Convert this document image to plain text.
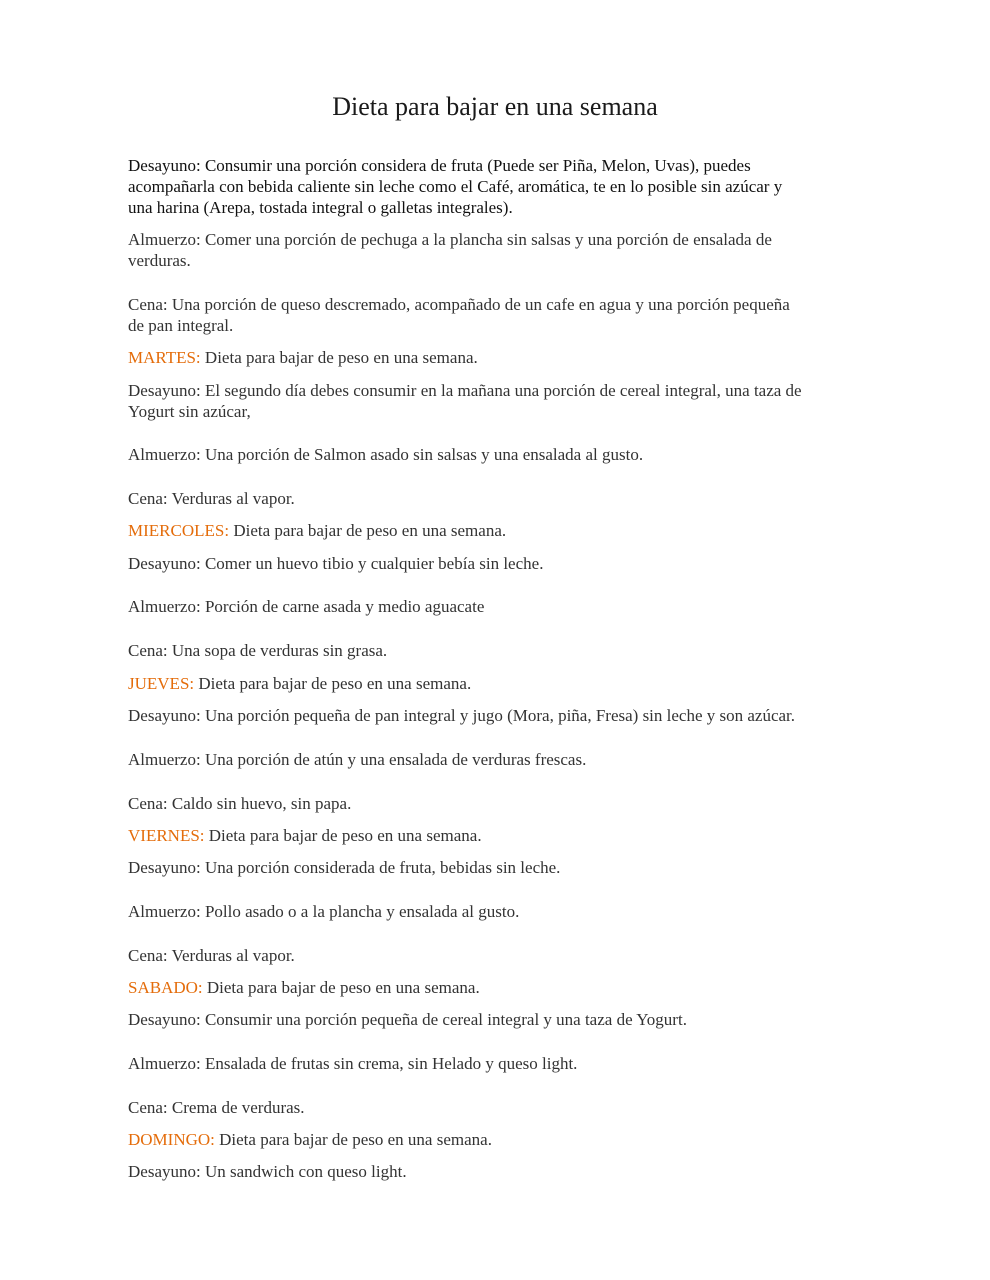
Dieta para bajar en una semana
Desayuno: Consumir una porción considera de fruta (Puede ser Piña, Melon, Uvas), puedes
acompañarla con bebida caliente sin leche como el Café, aromática, te en lo posible sin azúcar y
una harina (Arepa, tostada integral o galletas integrales).
Almuerzo: Comer una porción de pechuga a la plancha sin salsas y una porción de ensalada de
verduras.
Cena: Una porción de queso descremado, acompañado de un cafe en agua y una porción pequeña
de pan integral.
MARTES: Dieta para bajar de peso en una semana.
Desayuno: El segundo día debes consumir en la mañana una porción de cereal integral, una taza de
Yogurt sin azúcar,
Almuerzo: Una porción de Salmon asado sin salsas y una ensalada al gusto.
Cena: Verduras al vapor.
MIERCOLES: Dieta para bajar de peso en una semana.
Desayuno: Comer un huevo tibio y cualquier bebía sin leche.
Almuerzo: Porción de carne asada y medio aguacate
Cena: Una sopa de verduras sin grasa.
JUEVES: Dieta para bajar de peso en una semana.
Desayuno: Una porción pequeña de pan integral y jugo (Mora, piña, Fresa) sin leche y son azúcar.
Almuerzo: Una porción de atún y una ensalada de verduras frescas.
Cena: Caldo sin huevo, sin papa.
VIERNES: Dieta para bajar de peso en una semana.
Desayuno: Una porción considerada de fruta, bebidas sin leche.
Almuerzo: Pollo asado o a la plancha y ensalada al gusto.
Cena: Verduras al vapor.
SABADO: Dieta para bajar de peso en una semana.
Desayuno: Consumir una porción pequeña de cereal integral y una taza de Yogurt.
Almuerzo: Ensalada de frutas sin crema, sin Helado y queso light.
Cena: Crema de verduras.
DOMINGO: Dieta para bajar de peso en una semana.
Desayuno: Un sandwich con queso light.
